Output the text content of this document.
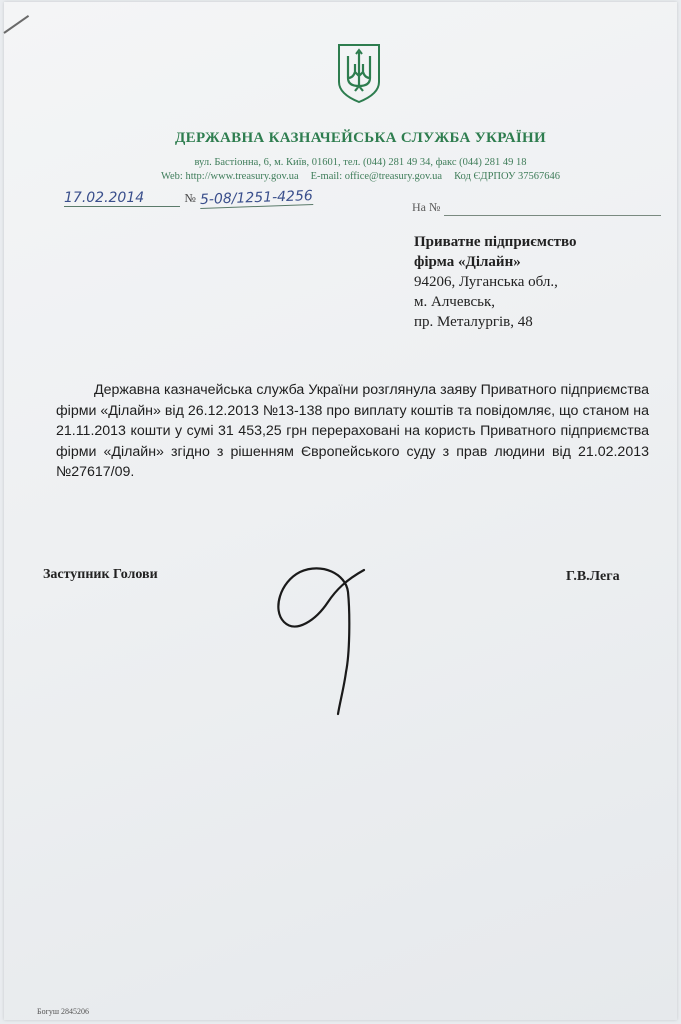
ДЕРЖАВНА КАЗНАЧЕЙСЬКА СЛУЖБА УКРАЇНИ
вул. Бастіонна, 6, м. Київ, 01601, тел. (044) 281 49 34, факс (044) 281 49 18
Web: http://www.treasury.gov.ua E-mail: office@treasury.gov.ua Код ЄДРПОУ 37567646
17.02.2014	№ 5-08/1251-4256	На №
Приватне підприємство
фірма «Ділайн»
94206, Луганська обл.,
м. Алчевськ,
пр. Металургів, 48
Державна казначейська служба України розглянула заяву Приватного підприємства фірми «Ділайн» від 26.12.2013 №13-138 про виплату коштів та повідомляє, що станом на 21.11.2013 кошти у сумі 31 453,25 грн перераховані на користь Приватного підприємства фірми «Ділайн» згідно з рішенням Європейського суду з прав людини від 21.02.2013 №27617/09.
Заступник Голови	Г.В.Лега
Богуш 2845206
